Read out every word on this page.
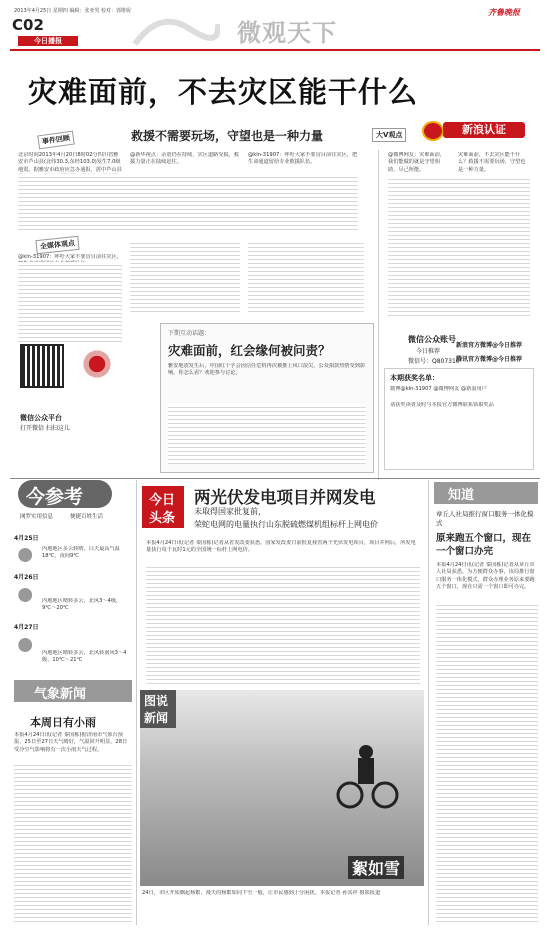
2013年4月25日 星期四 编辑：张亚男 校对：郭维妮
C02
今日播报	微观天下
齐鲁晚报
灾难面前，不去灾区能干什么
救援不需要玩场，守望也是一种力量
事件回顾	大V观点
全媒体观点
新浪认证
北京时间2013年4月20日8时02分四川省雅安市芦山县(北纬30.3,东经103.0)发生7.0级地震。据雅安市政府应急办通报，震中芦山县
@新华视点：余震仍在持续，灾区道路受损，救援力量正在陆续赶往。
@kln-31907：呼吁大家不要盲目前往灾区，把生命通道留给专业救援队伍。
@微博网友：灾难面前，我们能做的就是守望相助，尽己所能。
灾难面前，不去灾区能干什么？救援不需要玩场，守望也是一种力量。
@kln-31907：呼吁大家不要盲目前往灾区，
微信公众平台
打开微信 扫扫这儿
下期互动话题：
灾难面前，红会缘何被问责？
雅安地震发生后，中国红十字会因信任危机再次被推上风口浪尖，公众捐款热情受到影响。你怎么看？欢迎参与讨论。
微信公众账号
今日推荐
微信号：Q807310
新浪官方微博@今日推荐
腾讯官方微博@今日推荐
本期获奖名单：
微博@kln-31907 @微博网友 @新浪用户
请获奖读者及时与本报官方微博联系领取奖品
今参考
网罗实用信息	便捷百姓生活
4月25日
内地地区多云转晴，白天最高气温18℃，夜间9℃
4月26日
内地地区晴转多云，北风3～4级，9℃～20℃
4月27日
内地地区晴转多云，北风转南风3～4级，10℃～21℃
气象新闻
本周日有小雨
本报4月24日讯(记者 秦国栋)据济南市气象台预报，25日至27日天气晴好，气温回升明显，28日受冷空气影响将有一次小雨天气过程。
今日
头条
两光伏发电项目并网发电
未取得国家批复前，
荣蛇电网的电量执行山东脱硫燃煤机组标杆上网电价
本报4月24日讯(记者 秦国栋)记者从省发改委获悉，国家发改委日前批复我省两个光伏发电项目，项目并网后，所发电量执行每千瓦时1元的全国统一标杆上网电价。
图说
新闻
絮如雪
24日，市区开始飘起杨絮，漫天的杨絮如同下雪一般，让市民感到十分困扰。本报记者 孙其祥 摄影报道
知道
章丘人社局推行窗口服务一体化模式
原来跑五个窗口，现在一个窗口办完
本报4月24日讯(记者 秦国栋)记者从章丘市人社局获悉，为方便群众办事，该局推行窗口服务一体化模式，群众办理业务原来要跑五个窗口，现在只需一个窗口即可办完。
